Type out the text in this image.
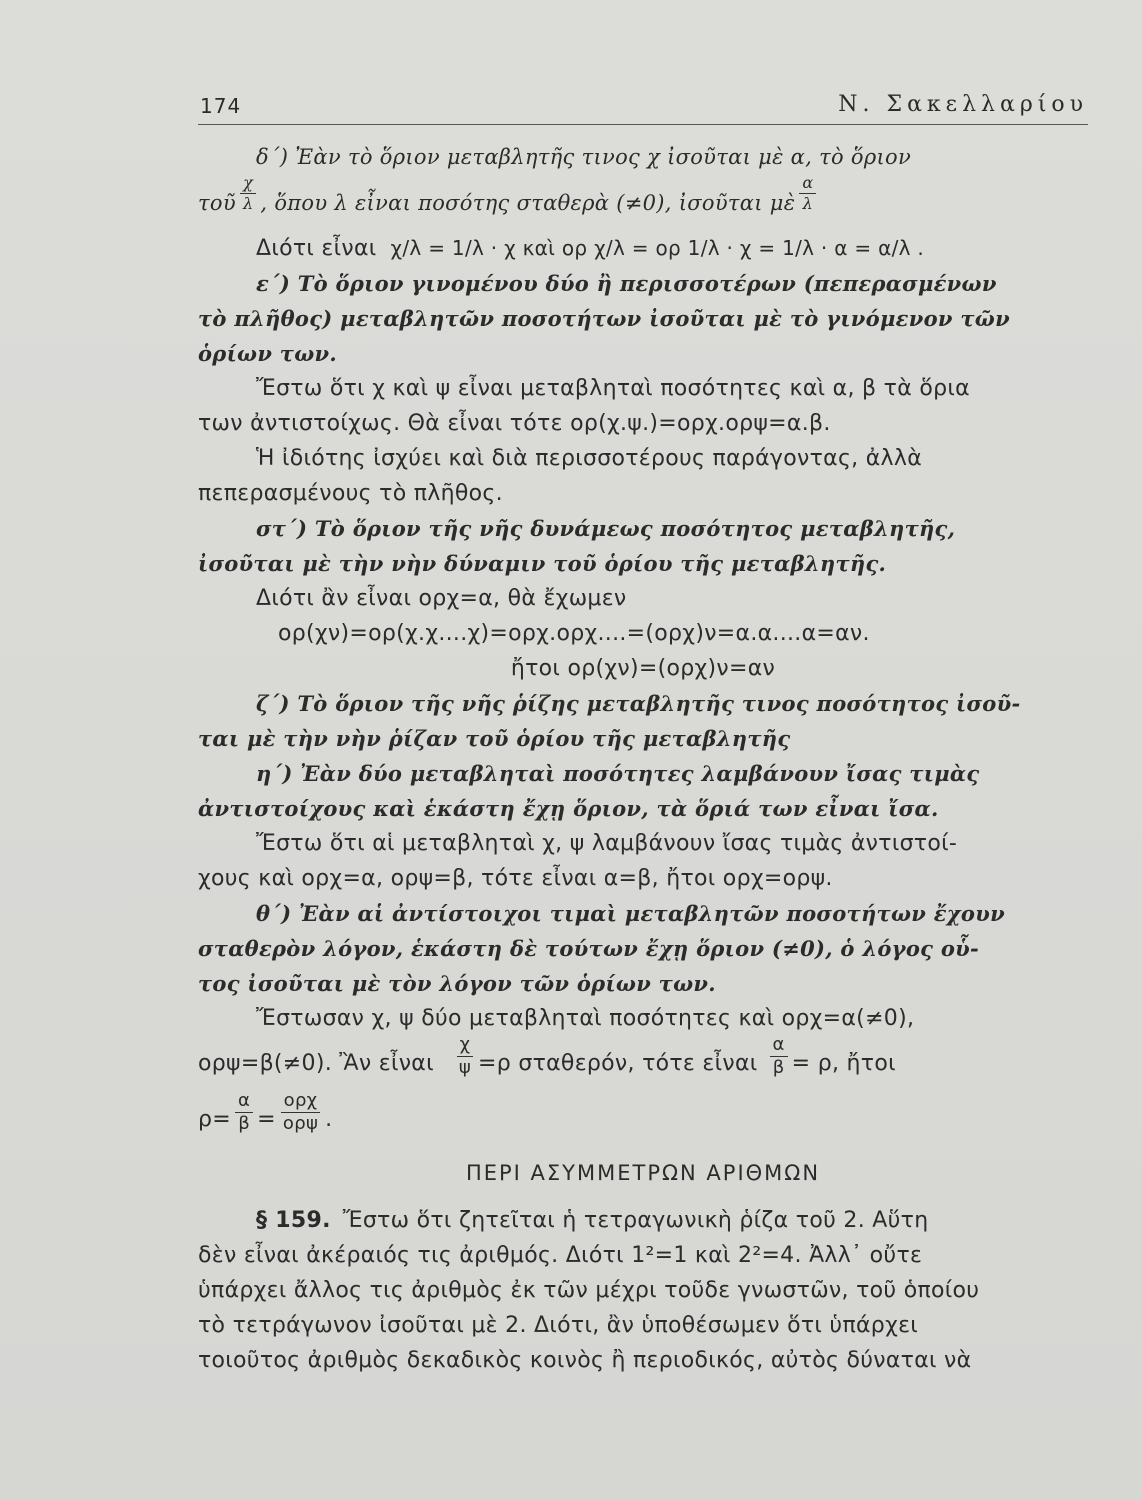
174	Ν. Σακελλαρίου
δ΄) Ἐὰν τὸ ὅριον μεταβλητῆς τινος χ ἰσοῦται μὲ α, τὸ ὅριον
τοῦ $\frac{\chi}{\lambda}$ , ὅπου λ εἶναι ποσότης σταθερὰ (≠0), ἰσοῦται μὲ $\frac{\alpha}{\lambda}$
Διότι εἶναι χ/λ = 1/λ · χ καὶ ορ χ/λ = ορ 1/λ · χ = 1/λ · α = α/λ .
ε΄) Τὸ ὅριον γινομένου δύο ἢ περισσοτέρων (πεπερασμένων
τὸ πλῆθος) μεταβλητῶν ποσοτήτων ἰσοῦται μὲ τὸ γινόμενον τῶν
ὁρίων των.
Ἔστω ὅτι χ καὶ ψ εἶναι μεταβληταὶ ποσότητες καὶ α, β τὰ ὅρια
των ἀντιστοίχως. Θὰ εἶναι τότε ορ(χ.ψ.)=ορχ.ορψ=α.β.
Ἡ ἰδιότης ἰσχύει καὶ διὰ περισσοτέρους παράγοντας, ἀλλὰ
πεπερασμένους τὸ πλῆθος.
στ΄) Τὸ ὅριον τῆς νῆς δυνάμεως ποσότητος μεταβλητῆς,
ἰσοῦται μὲ τὴν νὴν δύναμιν τοῦ ὁρίου τῆς μεταβλητῆς.
Διότι ἂν εἶναι ορχ=α, θὰ ἔχωμεν
ορ(χν)=ορ(χ.χ....χ)=ορχ.ορχ....=(ορχ)ν=α.α....α=αν.
ἤτοι ορ(χν)=(ορχ)ν=αν
ζ΄) Τὸ ὅριον τῆς νῆς ῥίζης μεταβλητῆς τινος ποσότητος ἰσοῦ-
ται μὲ τὴν νὴν ῥίζαν τοῦ ὁρίου τῆς μεταβλητῆς
η΄) Ἐὰν δύο μεταβληταὶ ποσότητες λαμβάνουν ἴσας τιμὰς
ἀντιστοίχους καὶ ἑκάστη ἔχῃ ὅριον, τὰ ὅριά των εἶναι ἴσα.
Ἔστω ὅτι αἱ μεταβληταὶ χ, ψ λαμβάνουν ἴσας τιμὰς ἀντιστοί-
χους καὶ ορχ=α, ορψ=β, τότε εἶναι α=β, ἤτοι ορχ=ορψ.
θ΄) Ἐὰν αἱ ἀντίστοιχοι τιμαὶ μεταβλητῶν ποσοτήτων ἔχουν
σταθερὸν λόγον, ἑκάστη δὲ τούτων ἔχῃ ὅριον (≠0), ὁ λόγος οὗ-
τος ἰσοῦται μὲ τὸν λόγον τῶν ὁρίων των.
Ἔστωσαν χ, ψ δύο μεταβληταὶ ποσότητες καὶ ορχ=α(≠0),
ορψ=β(≠0). Ἂν εἶναι $\frac{\chi}{\psi} =\rho$ σταθερόν, τότε εἶναι $\frac{\alpha}{\beta} = \rho$, ἤτοι
$\rho= \frac{\alpha}{\beta} = \frac{\text{ορχ}}{\text{ορψ}}$ .
ΠΕΡΙ ΑΣΥΜΜΕΤΡΩΝ ΑΡΙΘΜΩΝ
§ 159. Ἔστω ὅτι ζητεῖται ἡ τετραγωνικὴ ῥίζα τοῦ 2. Αὕτη
δὲν εἶναι ἀκέραιός τις ἀριθμός. Διότι 1²=1 καὶ 2²=4. Ἀλλ᾽ οὔτε
ὑπάρχει ἄλλος τις ἀριθμὸς ἐκ τῶν μέχρι τοῦδε γνωστῶν, τοῦ ὁποίου
τὸ τετράγωνον ἰσοῦται μὲ 2. Διότι, ἂν ὑποθέσωμεν ὅτι ὑπάρχει
τοιοῦτος ἀριθμὸς δεκαδικὸς κοινὸς ἢ περιοδικός, αὐτὸς δύναται νὰ
